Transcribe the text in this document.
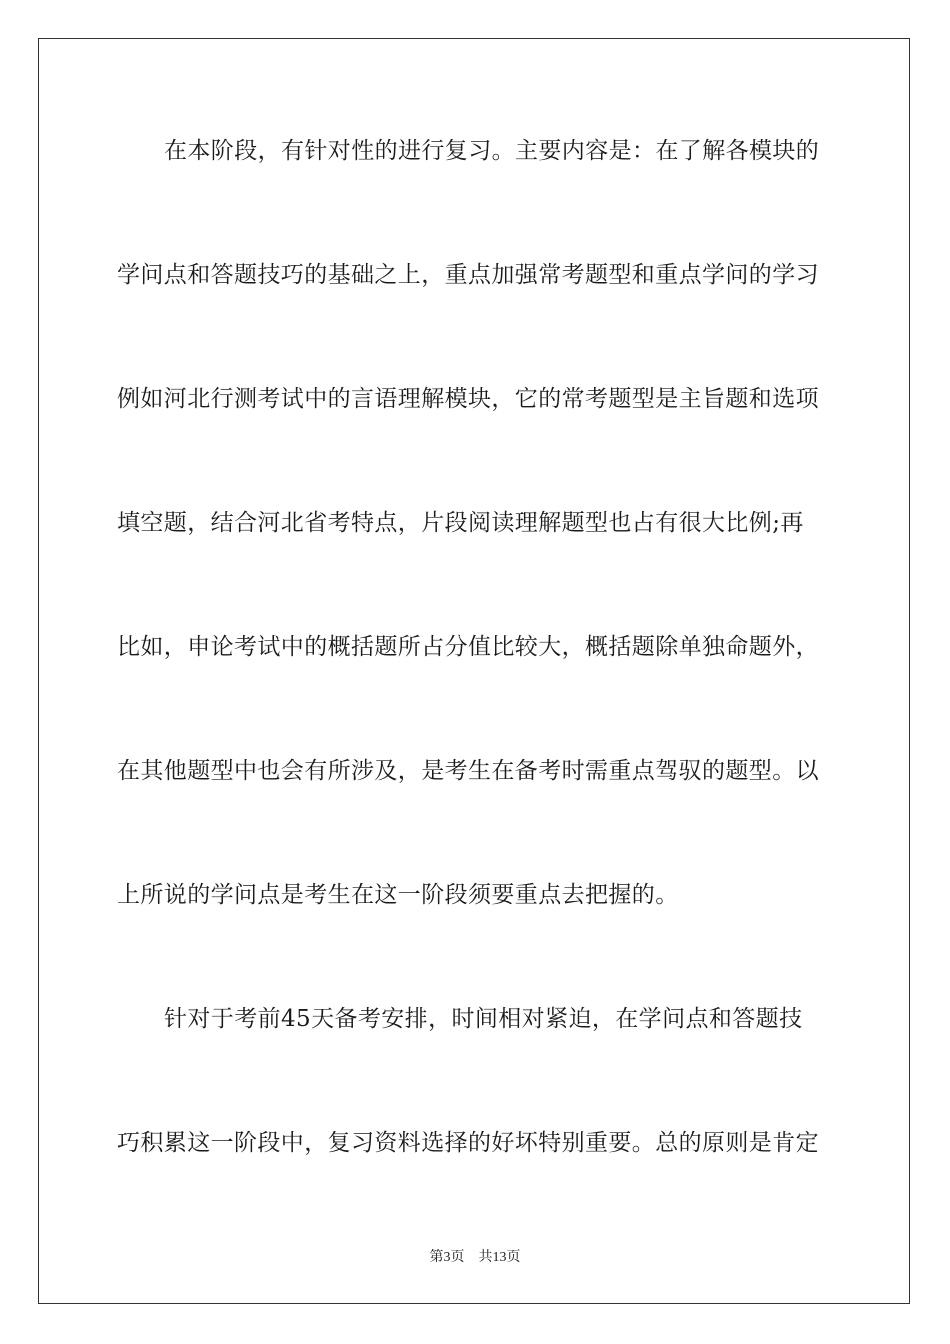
在本阶段，有针对性的进行复习。主要内容是：在了解各模块的
学问点和答题技巧的基础之上，重点加强常考题型和重点学问的学习
例如河北行测考试中的言语理解模块，它的常考题型是主旨题和选项
填空题，结合河北省考特点，片段阅读理解题型也占有很大比例;再
比如，申论考试中的概括题所占分值比较大，概括题除单独命题外，
在其他题型中也会有所涉及，是考生在备考时需重点驾驭的题型。以
上所说的学问点是考生在这一阶段须要重点去把握的。
针对于考前45天备考安排，时间相对紧迫，在学问点和答题技
巧积累这一阶段中，复习资料选择的好坏特别重要。总的原则是肯定
第3页 共13页
